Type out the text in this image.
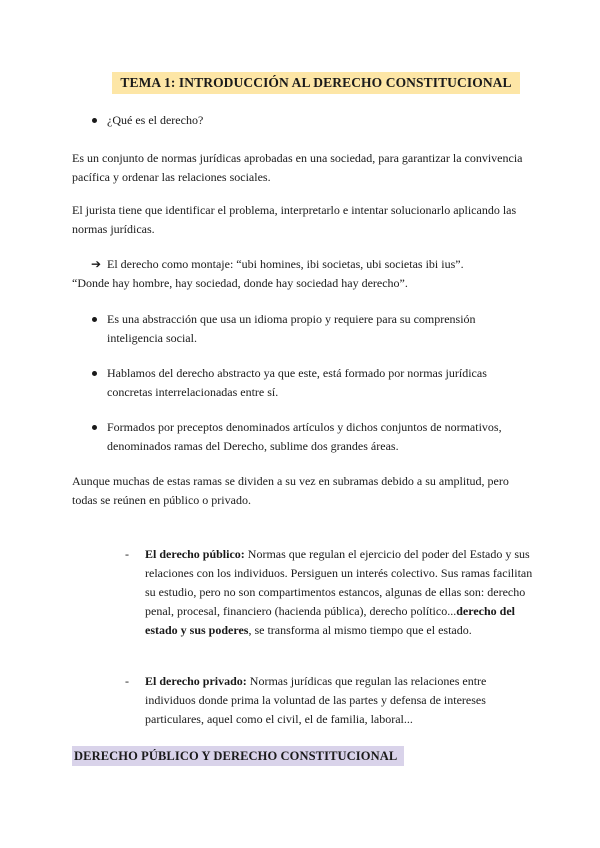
TEMA 1: INTRODUCCIÓN AL DERECHO CONSTITUCIONAL

¿Qué es el derecho?

Es un conjunto de normas jurídicas aprobadas en una sociedad, para garantizar la convivencia pacífica y ordenar las relaciones sociales.

El jurista tiene que identificar el problema, interpretarlo e intentar solucionarlo aplicando las normas jurídicas.

➔ El derecho como montaje: “ubi homines, ibi societas, ubi societas ibi ius”.

“Donde hay hombre, hay sociedad, donde hay sociedad hay derecho”.

Es una abstracción que usa un idioma propio y requiere para su comprensión inteligencia social.

Hablamos del derecho abstracto ya que este, está formado por normas jurídicas concretas interrelacionadas entre sí.

Formados por preceptos denominados artículos y dichos conjuntos de normativos, denominados ramas del Derecho, sublime dos grandes áreas.

Aunque muchas de estas ramas se dividen a su vez en subramas debido a su amplitud, pero todas se reúnen en público o privado.

- El derecho público: Normas que regulan el ejercicio del poder del Estado y sus relaciones con los individuos. Persiguen un interés colectivo. Sus ramas facilitan su estudio, pero no son compartimentos estancos, algunas de ellas son: derecho penal, procesal, financiero (hacienda pública), derecho político...derecho del estado y sus poderes, se transforma al mismo tiempo que el estado.

- El derecho privado: Normas jurídicas que regulan las relaciones entre individuos donde prima la voluntad de las partes y defensa de intereses particulares, aquel como el civil, el de familia, laboral...

DERECHO PÚBLICO Y DERECHO CONSTITUCIONAL
